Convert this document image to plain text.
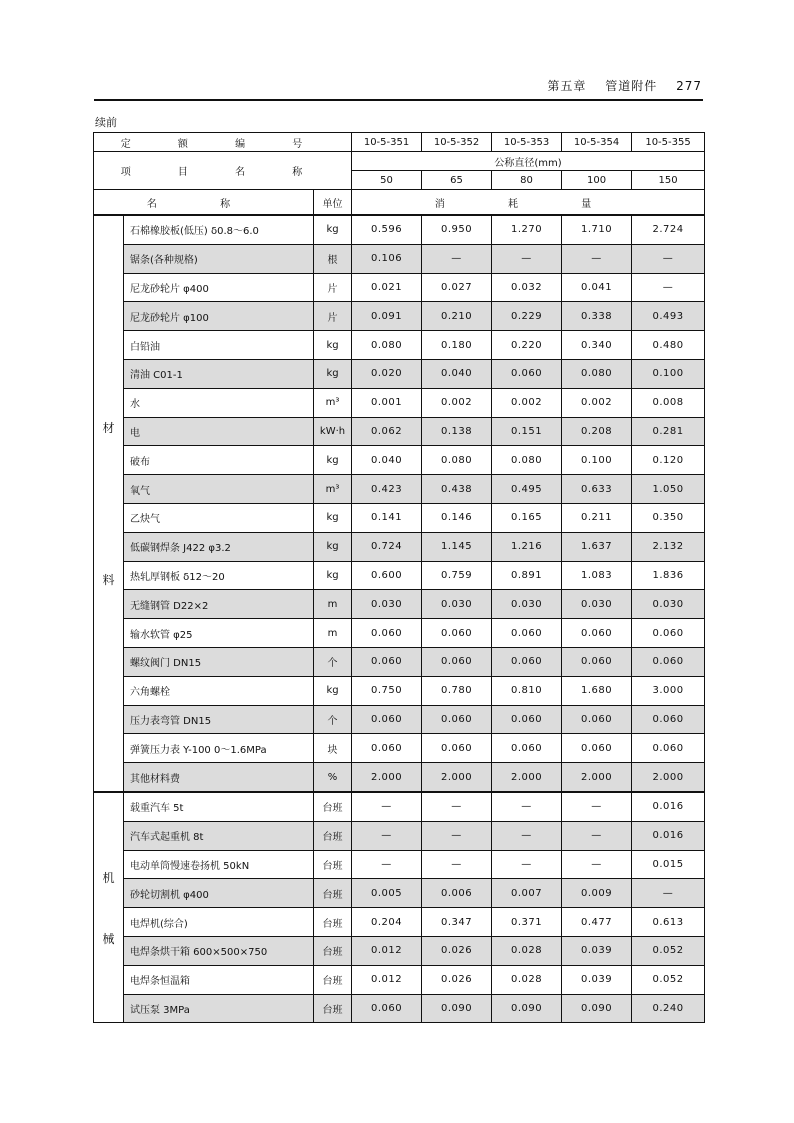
第五章 管道附件 277
续前
定 额 编 号			10-5-351	10-5-352	10-5-353	10-5-354	10-5-355
项 目 名 称			公称直径(mm)				
			50	65	80	100	150
名 称		单位	消 耗 量				

材
料	石棉橡胶板(低压) δ0.8～6.0	kg	0.596	0.950	1.270	1.710	2.724
	锯条(各种规格)	根	0.106	—	—	—	—
	尼龙砂轮片 φ400	片	0.021	0.027	0.032	0.041	—
	尼龙砂轮片 φ100	片	0.091	0.210	0.229	0.338	0.493
	白铅油	kg	0.080	0.180	0.220	0.340	0.480
	清油 C01-1	kg	0.020	0.040	0.060	0.080	0.100
	水	m³	0.001	0.002	0.002	0.002	0.008
	电	kW·h	0.062	0.138	0.151	0.208	0.281
	破布	kg	0.040	0.080	0.080	0.100	0.120
	氧气	m³	0.423	0.438	0.495	0.633	1.050
	乙炔气	kg	0.141	0.146	0.165	0.211	0.350
	低碳钢焊条 J422 φ3.2	kg	0.724	1.145	1.216	1.637	2.132
	热轧厚钢板 δ12～20	kg	0.600	0.759	0.891	1.083	1.836
	无缝钢管 D22×2	m	0.030	0.030	0.030	0.030	0.030
	输水软管 φ25	m	0.060	0.060	0.060	0.060	0.060
	螺纹阀门 DN15	个	0.060	0.060	0.060	0.060	0.060
	六角螺栓	kg	0.750	0.780	0.810	1.680	3.000
	压力表弯管 DN15	个	0.060	0.060	0.060	0.060	0.060
	弹簧压力表 Y-100 0～1.6MPa	块	0.060	0.060	0.060	0.060	0.060
	其他材料费	%	2.000	2.000	2.000	2.000	2.000

机
械	载重汽车 5t	台班	—	—	—	—	0.016
	汽车式起重机 8t	台班	—	—	—	—	0.016
	电动单筒慢速卷扬机 50kN	台班	—	—	—	—	0.015
	砂轮切割机 φ400	台班	0.005	0.006	0.007	0.009	—
	电焊机(综合)	台班	0.204	0.347	0.371	0.477	0.613
	电焊条烘干箱 600×500×750	台班	0.012	0.026	0.028	0.039	0.052
	电焊条恒温箱	台班	0.012	0.026	0.028	0.039	0.052
	试压泵 3MPa	台班	0.060	0.090	0.090	0.090	0.240
